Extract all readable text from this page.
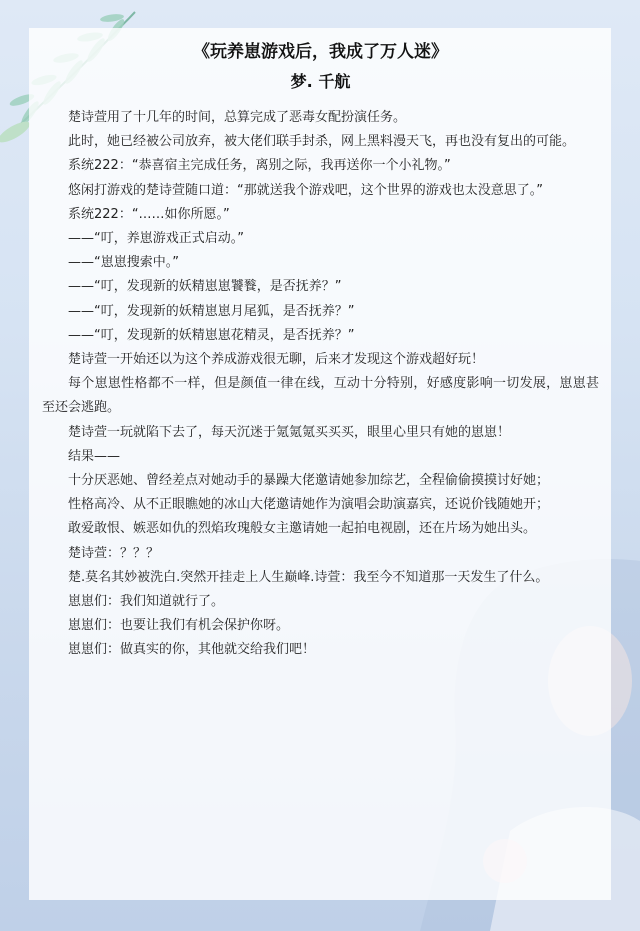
《玩养崽游戏后，我成了万人迷》
梦. 千航

楚诗萱用了十几年的时间，总算完成了恶毒女配扮演任务。

此时，她已经被公司放弃，被大佬们联手封杀，网上黑料漫天飞，再也没有复出的可能。

系统222：“恭喜宿主完成任务，离别之际，我再送你一个小礼物。”

悠闲打游戏的楚诗萱随口道：“那就送我个游戏吧，这个世界的游戏也太没意思了。”

系统222：“……如你所愿。”

——“叮，养崽游戏正式启动。”

——“崽崽搜索中。”

——“叮，发现新的妖精崽崽饕餮，是否抚养？”

——“叮，发现新的妖精崽崽月尾狐，是否抚养？”

——“叮，发现新的妖精崽崽花精灵，是否抚养？”

楚诗萱一开始还以为这个养成游戏很无聊，后来才发现这个游戏超好玩！

每个崽崽性格都不一样，但是颜值一律在线，互动十分特别，好感度影响一切发展，崽崽甚至还会逃跑。

楚诗萱一玩就陷下去了，每天沉迷于氪氪氪买买买，眼里心里只有她的崽崽！

结果——

十分厌恶她、曾经差点对她动手的暴躁大佬邀请她参加综艺，全程偷偷摸摸讨好她；

性格高冷、从不正眼瞧她的冰山大佬邀请她作为演唱会助演嘉宾，还说价钱随她开；

敢爱敢恨、嫉恶如仇的烈焰玫瑰般女主邀请她一起拍电视剧，还在片场为她出头。

楚诗萱：？？？

楚.莫名其妙被洗白.突然开挂走上人生巅峰.诗萱：我至今不知道那一天发生了什么。

崽崽们：我们知道就行了。

崽崽们：也要让我们有机会保护你呀。

崽崽们：做真实的你，其他就交给我们吧！
